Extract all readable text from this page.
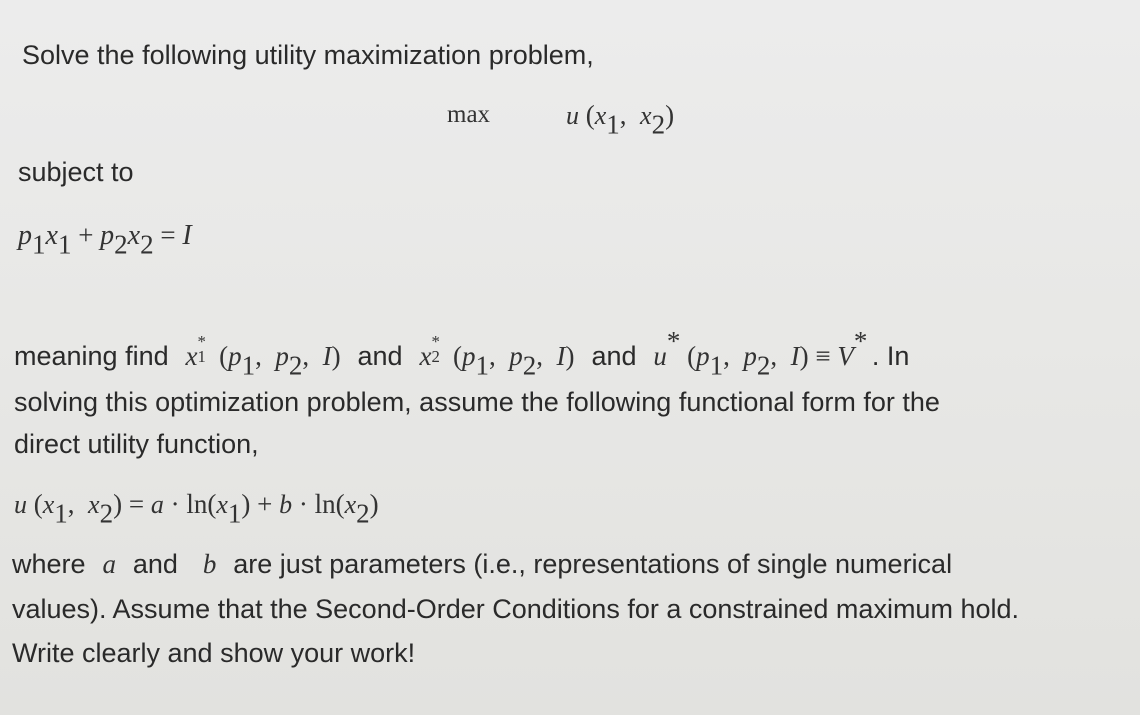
Solve the following utility maximization problem,
max	u ($x_1$,  $x_2$)
subject to
$p_1x_1 + p_2x_2 = I$
meaning find x *
1 ($p_1$,  $p_2$,  I) and x *
2 ($p_1$,  $p_2$,  I) and u* ($p_1$,  $p_2$,  I) ≡ V* . In
solving this optimization problem, assume the following functional form for the
direct utility function,
u ($x_1$,  $x_2) = a \cdot \ln(x_1) + b \cdot \ln(x_2)$
where a and b are just parameters (i.e., representations of single numerical
values). Assume that the Second-Order Conditions for a constrained maximum hold.
Write clearly and show your work!
